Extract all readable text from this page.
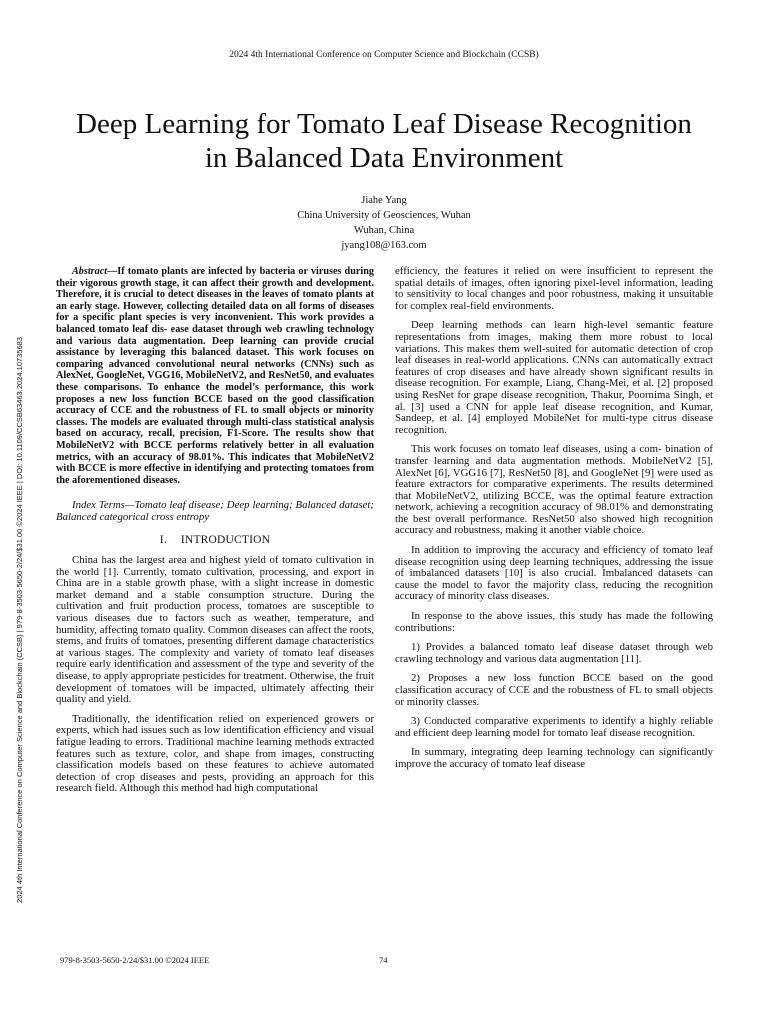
2024 4th International Conference on Computer Science and Blockchain (CCSB)
Deep Learning for Tomato Leaf Disease Recognition
in Balanced Data Environment
Jiahe Yang
China University of Geosciences, Wuhan
Wuhan, China
jyang108@163.com
2024 4th International Conference on Computer Science and Blockchain (CCSB) | 979-8-3503-5650-2/24/$31.00 ©2024 IEEE | DOI: 10.1109/CCSB63463.2024.10735683

Abstract—If tomato plants are infected by bacteria or viruses during their vigorous growth stage, it can affect their growth and development. Therefore, it is crucial to detect diseases in the leaves of tomato plants at an early stage. However, collecting detailed data on all forms of diseases for a specific plant species is very inconvenient. This work provides a balanced tomato leaf dis- ease dataset through web crawling technology and various data augmentation. Deep learning can provide crucial assistance by leveraging this balanced dataset. This work focuses on comparing advanced convolutional neural networks (CNNs) such as AlexNet, GoogleNet, VGG16, MobileNetV2, and ResNet50, and evaluates these comparisons. To enhance the model’s performance, this work proposes a new loss function BCCE based on the good classification accuracy of CCE and the robustness of FL to small objects or minority classes. The models are evaluated through multi-class statistical analysis based on accuracy, recall, precision, F1-Score. The results show that MobileNetV2 with BCCE performs relatively better in all evaluation metrics, with an accuracy of 98.01%. This indicates that MobileNetV2 with BCCE is more effective in identifying and protecting tomatoes from the aforementioned diseases.

Index Terms—Tomato leaf disease; Deep learning; Balanced dataset; Balanced categorical cross entropy

I. INTRODUCTION

China has the largest area and highest yield of tomato cultivation in the world [1]. Currently, tomato cultivation, processing, and export in China are in a stable growth phase, with a slight increase in domestic market demand and a stable consumption structure. During the cultivation and fruit production process, tomatoes are susceptible to various diseases due to factors such as weather, temperature, and humidity, affecting tomato quality. Common diseases can affect the roots, stems, and fruits of tomatoes, presenting different damage characteristics at various stages. The complexity and variety of tomato leaf diseases require early identification and assessment of the type and severity of the disease, to apply appropriate pesticides for treatment. Otherwise, the fruit development of tomatoes will be impacted, ultimately affecting their quality and yield.

Traditionally, the identification relied on experienced growers or experts, which had issues such as low identification efficiency and visual fatigue leading to errors. Traditional machine learning methods extracted features such as texture, color, and shape from images, constructing classification models based on these features to achieve automated detection of crop diseases and pests, providing an approach for this research field. Although this method had high computational

efficiency, the features it relied on were insufficient to represent the spatial details of images, often ignoring pixel-level information, leading to sensitivity to local changes and poor robustness, making it unsuitable for complex real-field environments.

Deep learning methods can learn high-level semantic feature representations from images, making them more robust to local variations. This makes them well-suited for automatic detection of crop leaf diseases in real-world applications. CNNs can automatically extract features of crop diseases and have already shown significant results in disease recognition. For example, Liang, Chang-Mei, et al. [2] proposed using ResNet for grape disease recognition, Thakur, Poornima Singh, et al. [3] used a CNN for apple leaf disease recognition, and Kumar, Sandeep, et al. [4] employed MobileNet for multi-type citrus disease recognition.

This work focuses on tomato leaf diseases, using a com- bination of transfer learning and data augmentation methods. MobileNetV2 [5], AlexNet [6], VGG16 [7], ResNet50 [8], and GoogleNet [9] were used as feature extractors for comparative experiments. The results determined that MobileNetV2, utilizing BCCE, was the optimal feature extraction network, achieving a recognition accuracy of 98.01% and demonstrating the best overall performance. ResNet50 also showed high recognition accuracy and robustness, making it another viable choice.

In addition to improving the accuracy and efficiency of tomato leaf disease recognition using deep learning techniques, addressing the issue of imbalanced datasets [10] is also crucial. Imbalanced datasets can cause the model to favor the majority class, reducing the recognition accuracy of minority class diseases.

In response to the above issues, this study has made the following contributions:

1) Provides a balanced tomato leaf disease dataset through web crawling technology and various data augmentation [11].

2) Proposes a new loss function BCCE based on the good classification accuracy of CCE and the robustness of FL to small objects or minority classes.

3) Conducted comparative experiments to identify a highly reliable and efficient deep learning model for tomato leaf disease recognition.

In summary, integrating deep learning technology can significantly improve the accuracy of tomato leaf disease

979-8-3503-5650-2/24/$31.00 ©2024 IEEE	74
